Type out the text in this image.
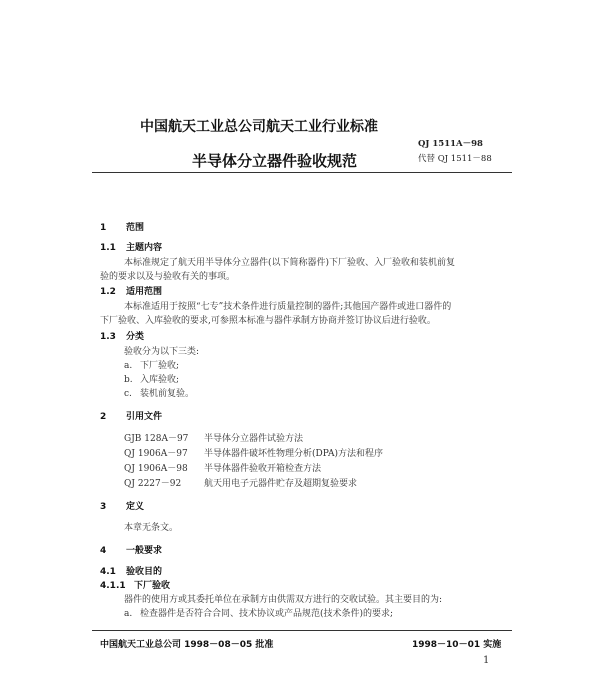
中国航天工业总公司航天工业行业标准
QJ 1511A－98
半导体分立器件验收规范	代替 QJ 1511－88
1 范围
1.1 主题内容
本标准规定了航天用半导体分立器件(以下简称器件)下厂验收、入厂验收和装机前复
验的要求以及与验收有关的事项。
1.2 适用范围
本标准适用于按照“七专”技术条件进行质量控制的器件;其他国产器件或进口器件的
下厂验收、入库验收的要求,可参照本标准与器件承制方协商并签订协议后进行验收。
1.3 分类
验收分为以下三类:
a. 下厂验收;
b. 入库验收;
c. 装机前复验。
2 引用文件
GJB 128A－97 半导体分立器件试验方法
QJ 1906A－97 半导体器件破坏性物理分析(DPA)方法和程序
QJ 1906A－98 半导体器件验收开箱检查方法
QJ 2227－92	航天用电子元器件贮存及超期复验要求
3 定义
本章无条文。
4 一般要求
4.1 验收目的
4.1.1 下厂验收
器件的使用方或其委托单位在承制方由供需双方进行的交收试验。其主要目的为:
a. 检查器件是否符合合同、技术协议或产品规范(技术条件)的要求;
中国航天工业总公司 1998－08－05 批准	1998－10－01 实施
1
